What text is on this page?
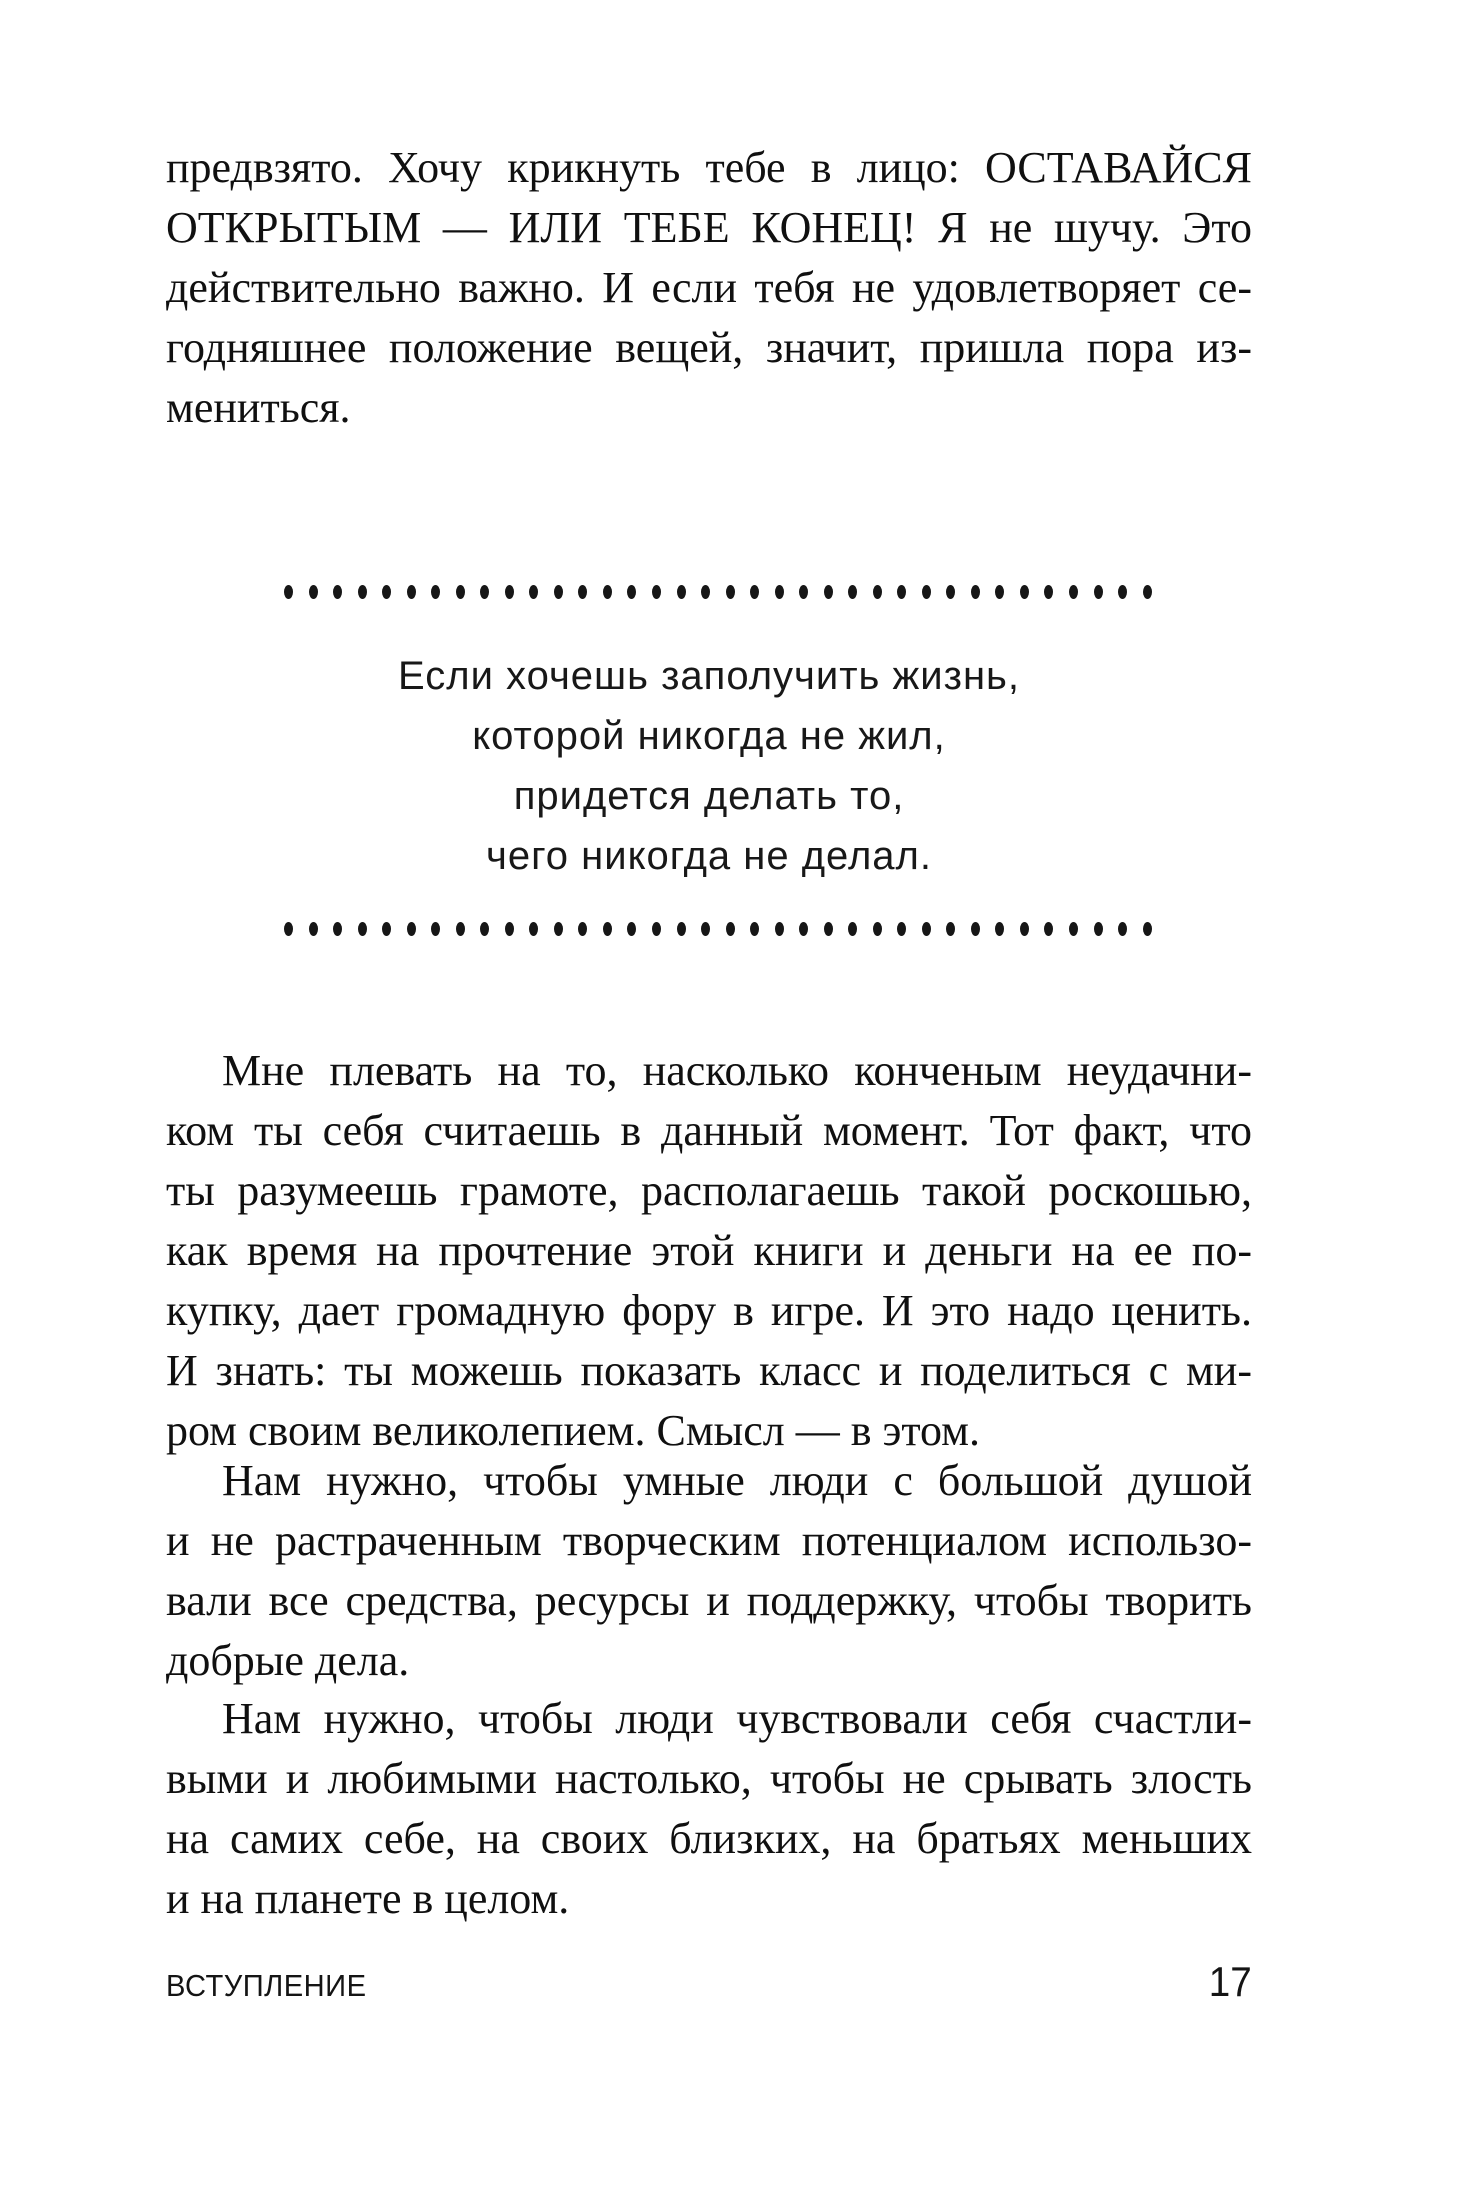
предвзято. Хочу крикнуть тебе в лицо: ОСТАВАЙСЯ
ОТКРЫТЫМ — ИЛИ ТЕБЕ КОНЕЦ! Я не шучу. Это
действительно важно. И если тебя не удовлетворяет се-
годняшнее положение вещей, значит, пришла пора из-
мениться.
Если хочешь заполучить жизнь,
которой никогда не жил,
придется делать то,
чего никогда не делал.
Мне плевать на то, насколько конченым неудачни-
ком ты себя считаешь в данный момент. Тот факт, что
ты разумеешь грамоте, располагаешь такой роскошью,
как время на прочтение этой книги и деньги на ее по-
купку, дает громадную фору в игре. И это надо ценить.
И знать: ты можешь показать класс и поделиться с ми-
ром своим великолепием. Смысл — в этом.
Нам нужно, чтобы умные люди с большой душой
и не растраченным творческим потенциалом использо-
вали все средства, ресурсы и поддержку, чтобы творить
добрые дела.
Нам нужно, чтобы люди чувствовали себя счастли-
выми и любимыми настолько, чтобы не срывать злость
на самих себе, на своих близких, на братьях меньших
и на планете в целом.
ВСТУПЛЕНИЕ	17
